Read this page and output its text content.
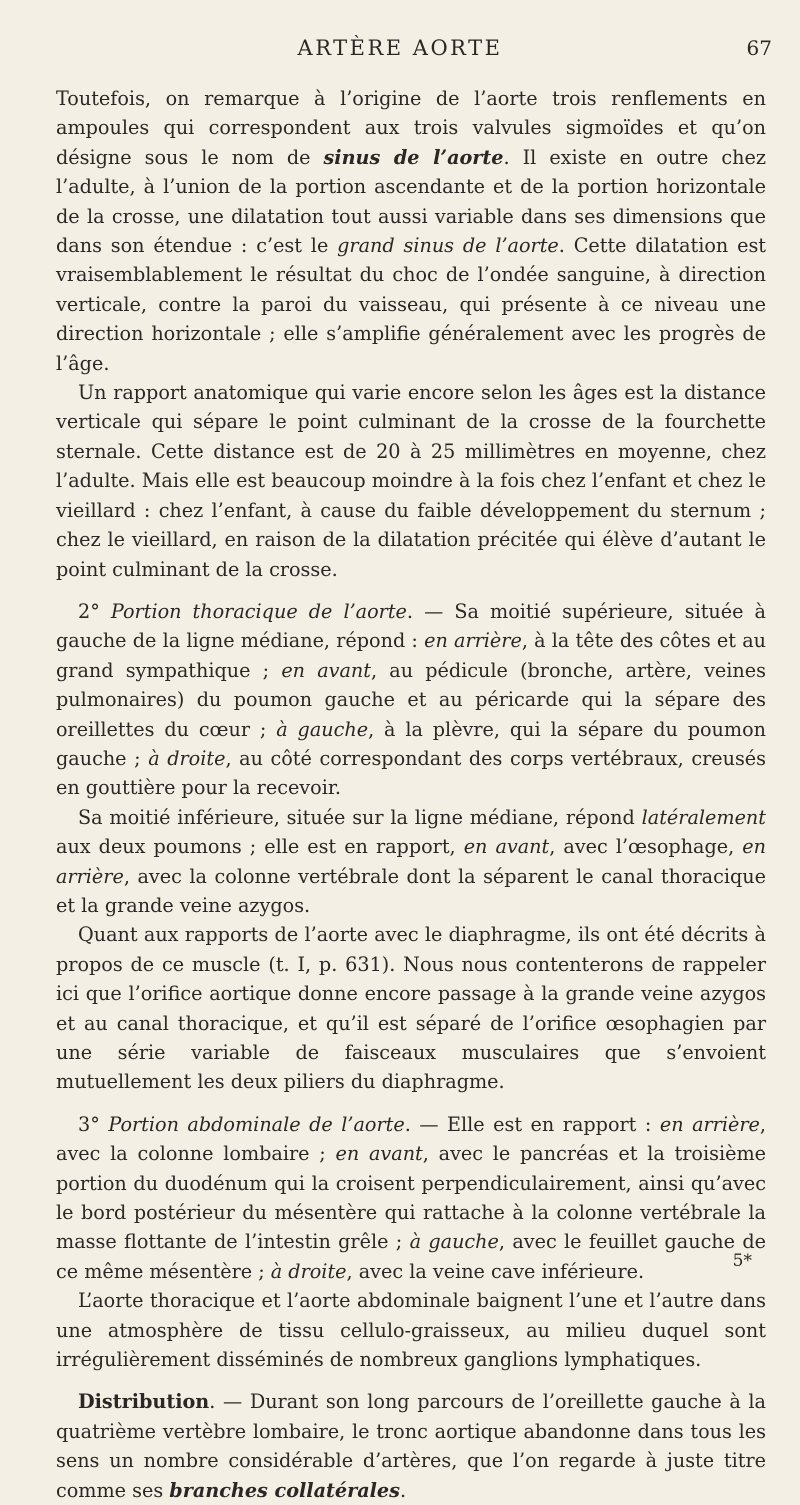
ARTÈRE AORTE	67

Toutefois, on remarque à l’origine de l’aorte trois renflements en ampoules qui correspondent aux trois valvules sigmoïdes et qu’on désigne sous le nom de sinus de l’aorte. Il existe en outre chez l’adulte, à l’union de la portion ascendante et de la portion horizontale de la crosse, une dilatation tout aussi variable dans ses dimensions que dans son étendue : c’est le grand sinus de l’aorte. Cette dilatation est vraisemblablement le résultat du choc de l’ondée sanguine, à direction verticale, contre la paroi du vaisseau, qui présente à ce niveau une direction horizontale ; elle s’amplifie généralement avec les progrès de l’âge.

Un rapport anatomique qui varie encore selon les âges est la distance verticale qui sépare le point culminant de la crosse de la fourchette sternale. Cette distance est de 20 à 25 millimètres en moyenne, chez l’adulte. Mais elle est beaucoup moindre à la fois chez l’enfant et chez le vieillard : chez l’enfant, à cause du faible développement du sternum ; chez le vieillard, en raison de la dilatation précitée qui élève d’autant le point culminant de la crosse.

2° Portion thoracique de l’aorte. — Sa moitié supérieure, située à gauche de la ligne médiane, répond : en arrière, à la tête des côtes et au grand sympathique ; en avant, au pédicule (bronche, artère, veines pulmonaires) du poumon gauche et au péricarde qui la sépare des oreillettes du cœur ; à gauche, à la plèvre, qui la sépare du poumon gauche ; à droite, au côté correspondant des corps vertébraux, creusés en gouttière pour la recevoir.

Sa moitié inférieure, située sur la ligne médiane, répond latéralement aux deux poumons ; elle est en rapport, en avant, avec l’œsophage, en arrière, avec la colonne vertébrale dont la séparent le canal thoracique et la grande veine azygos.

Quant aux rapports de l’aorte avec le diaphragme, ils ont été décrits à propos de ce muscle (t. I, p. 631). Nous nous contenterons de rappeler ici que l’orifice aortique donne encore passage à la grande veine azygos et au canal thoracique, et qu’il est séparé de l’orifice œsophagien par une série variable de faisceaux musculaires que s’envoient mutuellement les deux piliers du diaphragme.

3° Portion abdominale de l’aorte. — Elle est en rapport : en arrière, avec la colonne lombaire ; en avant, avec le pancréas et la troisième portion du duodénum qui la croisent perpendiculairement, ainsi qu’avec le bord postérieur du mésentère qui rattache à la colonne vertébrale la masse flottante de l’intestin grêle ; à gauche, avec le feuillet gauche de ce même mésentère ; à droite, avec la veine cave inférieure.

L’aorte thoracique et l’aorte abdominale baignent l’une et l’autre dans une atmosphère de tissu cellulo-graisseux, au milieu duquel sont irrégulièrement disséminés de nombreux ganglions lymphatiques.

Distribution. — Durant son long parcours de l’oreillette gauche à la quatrième vertèbre lombaire, le tronc aortique abandonne dans tous les sens un nombre considérable d’artères, que l’on regarde à juste titre comme ses branches collatérales.

5*
